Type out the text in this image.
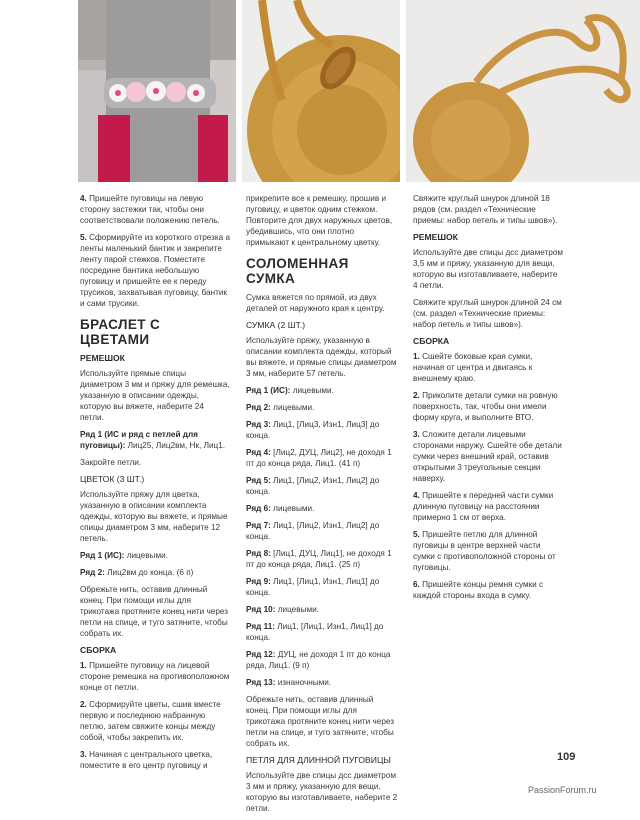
4. Пришейте пуговицы на левую сторону застежки так, чтобы они соответствовали положению петель.

5. Сформируйте из короткого отрезка а ленты маленький бантик и закрепите ленту парой стежков. Поместите посредине бантика небольшую пуговицу и пришейте ее к переду трусиков, захватывая пуговицу, бантик и сами трусики.

БРАСЛЕТ С ЦВЕТАМИ
РЕМЕШОК

Используйте прямые спицы диаметром 3 мм и пряжу для ремешка, указанную в описании одежды, которую вы вяжете, наберите 24 петли.

Ряд 1 (ИС и ряд с петлей для пуговицы): Лиц25, Лиц2вм, Нк, Лиц1.

Закройте петли.

ЦВЕТОК (3 ШТ.)

Используйте пряжу для цветка, указанную в описании комплекта одежды, которую вы вяжете, и прямые спицы диаметром 3 мм, наберите 12 петель.

Ряд 1 (ИС): лицевыми.

Ряд 2: Лиц2вм до конца. (6 п)

Обрежьте нить, оставив длинный конец. При помощи иглы для трикотажа протяните конец нити через петли на спице, и туго затяните, чтобы собрать их.

СБОРКА

1. Пришейте пуговицу на лицевой стороне ремешка на противоположном конце от петли.

2. Сформируйте цветы, сшив вместе первую и последнюю набранную петлю, затем свяжите концы между собой, чтобы закрепить их.

3. Начиная с центрального цветка, поместите в его центр пуговицу и

прикрепите все к ремешку, прошив и пуговицу, и цветок одним стежком. Повторите для двух наружных цветов, убедившись, что они плотно примыкают к центральному цветку.

СОЛОМЕННАЯ СУМКА

Сумка вяжется по прямой, из двух деталей от наружного края к центру.

СУМКА (2 ШТ.)

Используйте пряжу, указанную в описании комплекта одежды, который вы вяжете, и прямые спицы диаметром 3 мм, наберите 57 петель.

Ряд 1 (ИС): лицевыми.

Ряд 2: лицевыми.

Ряд 3: Лиц1, [Лиц3, Изн1, Лиц3] до конца.

Ряд 4: [Лиц2, ДУЦ, Лиц2], не доходя 1 пт до конца ряда, Лиц1. (41 п)

Ряд 5: Лиц1, [Лиц2, Изн1, Лиц2] до конца.

Ряд 6: лицевыми.

Ряд 7: Лиц1, [Лиц2, Изн1, Лиц2] до конца.

Ряд 8: [Лиц1, ДУЦ, Лиц1], не доходя 1 пт до конца ряда, Лиц1. (25 п)

Ряд 9: Лиц1, [Лиц1, Изн1, Лиц1] до конца.

Ряд 10: лицевыми.

Ряд 11: Лиц1, [Лиц1, Изн1, Лиц1] до конца.

Ряд 12: ДУЦ, не доходя 1 пт до конца ряда, Лиц1. (9 п)

Ряд 13: изнаночными.

Обрежьте нить, оставив длинный конец. При помощи иглы для трикотажа протяните конец нити через петли на спице, и туго затяните, чтобы собрать их.

ПЕТЛЯ ДЛЯ ДЛИННОЙ ПУГОВИЦЫ

Используйте две спицы дсс диаметром 3 мм и пряжу, указанную для вещи, которую вы изготавливаете, наберите 2 петли.

Свяжите круглый шнурок длиной 18 рядов (см. раздел «Технические приемы: набор петель и типы швов»).

РЕМЕШОК

Используйте две спицы дсс диаметром 3,5 мм и пряжу, указанную для вещи, которую вы изготавливаете, наберите 4 петли.

Свяжите круглый шнурок длиной 24 см (см. раздел «Технические приемы: набор петель и типы швов»).

СБОРКА

1. Сшейте боковые края сумки, начиная от центра и двигаясь к внешнему краю.

2. Приколите детали сумки на ровную поверхность, так, чтобы они имели форму круга, и выполните ВТО.

3. Сложите детали лицевыми сторонами наружу. Сшейте обе детали сумки через внешний край, оставив открытыми 3 треугольные секции наверху.

4. Пришейте к передней части сумки длинную пуговицу на расстоянии примерно 1 см от верха.

5. Пришейте петлю для длинной пуговицы в центре верхней части сумки с противоположной стороны от пуговицы.

6. Пришейте концы ремня сумки с каждой стороны входа в сумку.

109
PassionForum.ru
